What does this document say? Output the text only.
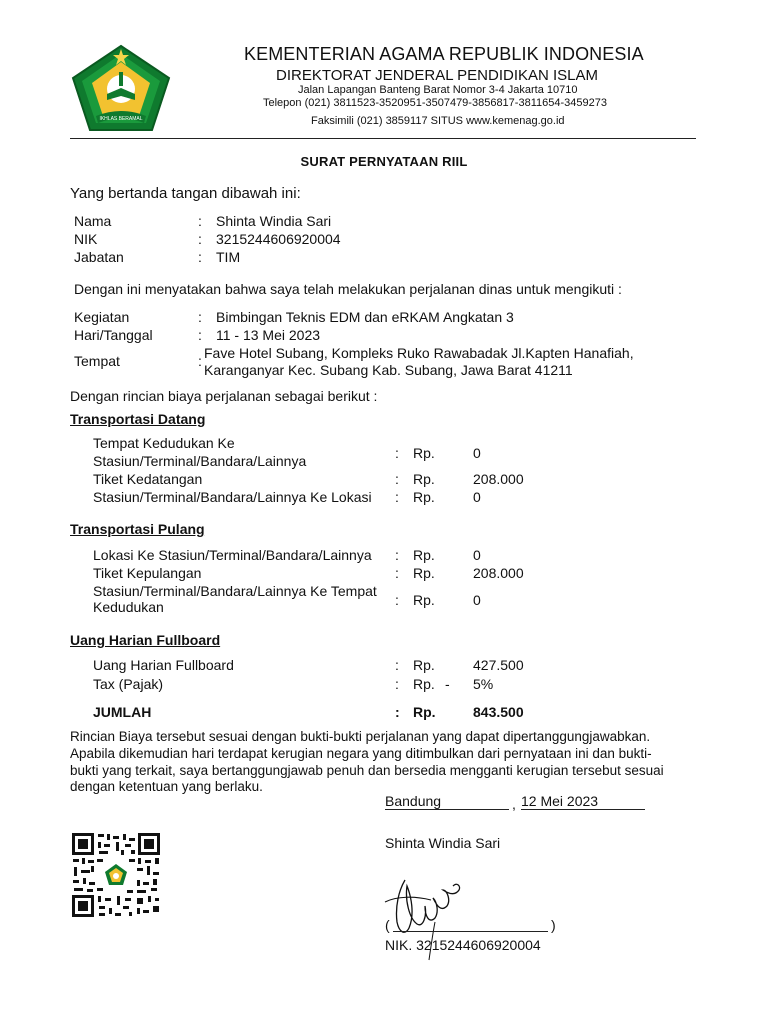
IKHLAS BERAMAL
KEMENTERIAN AGAMA REPUBLIK INDONESIA
DIREKTORAT JENDERAL PENDIDIKAN ISLAM
Jalan Lapangan Banteng Barat Nomor 3-4 Jakarta 10710
Telepon (021) 3811523-3520951-3507479-3856817-3811654-3459273
Faksimili (021) 3859117 SITUS www.kemenag.go.id
SURAT PERNYATAAN RIIL
Yang bertanda tangan dibawah ini:
Nama	: Shinta Windia Sari
NIK	: 3215244606920004
Jabatan	: TIM
Dengan ini menyatakan bahwa saya telah melakukan perjalanan dinas untuk mengikuti :
Kegiatan	: Bimbingan Teknis EDM dan eRKAM Angkatan 3
Hari/Tanggal	: 11 - 13 Mei 2023
Tempat	: Fave Hotel Subang, Kompleks Ruko Rawabadak Jl.Kapten Hanafiah,
Karanganyar Kec. Subang Kab. Subang, Jawa Barat 41211
Dengan rincian biaya perjalanan sebagai berikut :
Transportasi Datang
Tempat Kedudukan Ke
Stasiun/Terminal/Bandara/Lainnya	: Rp.	0
Tiket Kedatangan	: Rp.	208.000
Stasiun/Terminal/Bandara/Lainnya Ke Lokasi : Rp.	0
Transportasi Pulang
Lokasi Ke Stasiun/Terminal/Bandara/Lainnya : Rp.	0
Tiket Kepulangan	: Rp.	208.000
Stasiun/Terminal/Bandara/Lainnya Ke Tempat
Kedudukan	: Rp.	0
Uang Harian Fullboard
Uang Harian Fullboard	: Rp.	427.500
Tax (Pajak)	: Rp. - 5%
JUMLAH	: Rp.	843.500
Rincian Biaya tersebut sesuai dengan bukti-bukti perjalanan yang dapat dipertanggungjawabkan.
Apabila dikemudian hari terdapat kerugian negara yang ditimbulkan dari pernyataan ini dan bukti-
bukti yang terkait, saya bertanggungjawab penuh dan bersedia mengganti kerugian tersebut sesuai
dengan ketentuan yang berlaku.
Bandung	, 12 Mei 2023
Shinta Windia Sari
(	)
NIK. 3215244606920004
